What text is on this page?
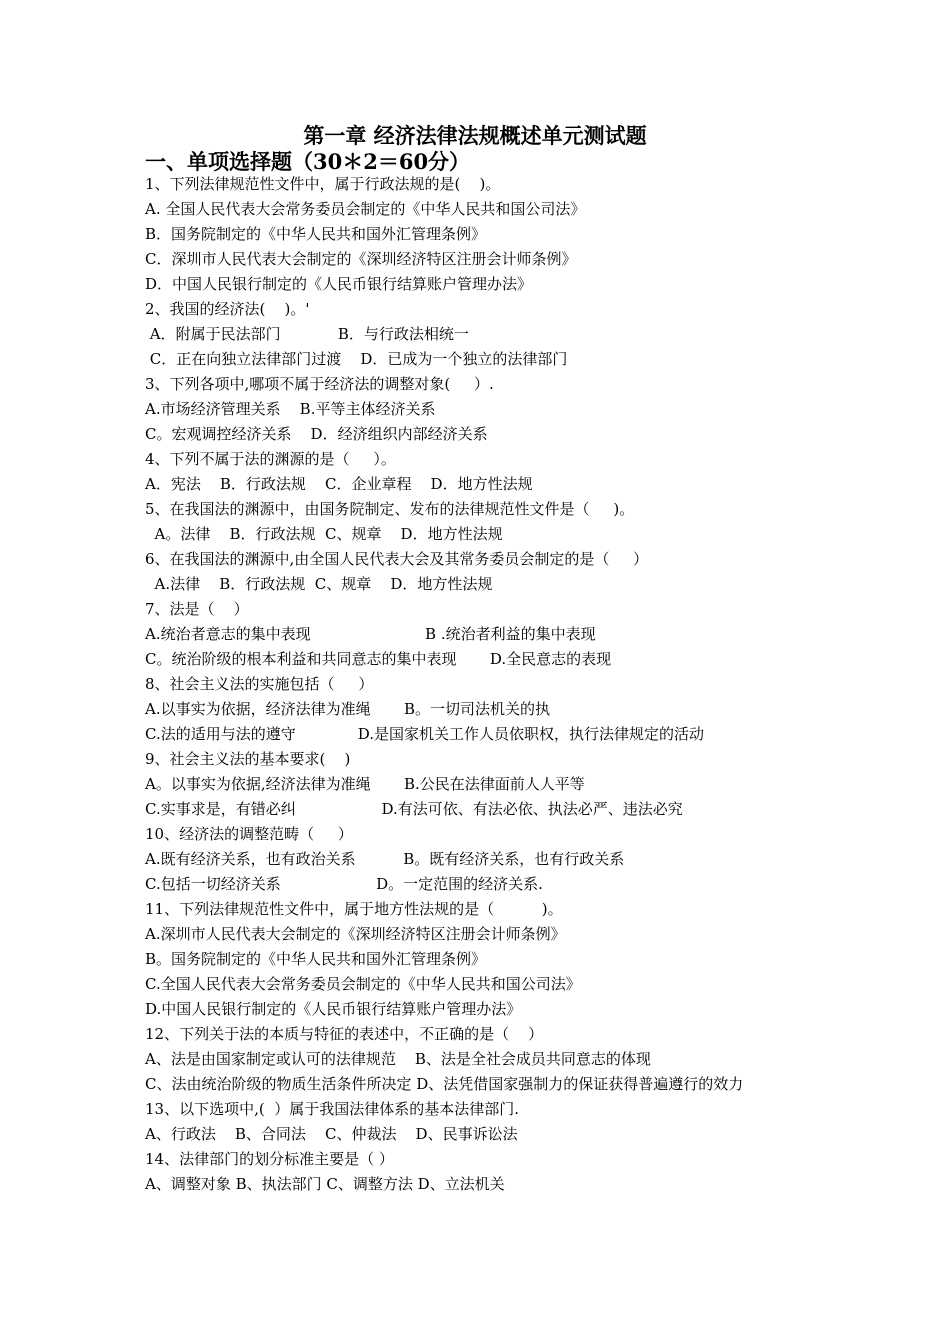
第一章 经济法律法规概述单元测试题
一、单项选择题（30＊2＝60分）
1、下列法律规范性文件中，属于行政法规的是(    )。
A. 全国人民代表大会常务委员会制定的《中华人民共和国公司法》
B．国务院制定的《中华人民共和国外汇管理条例》
C．深圳市人民代表大会制定的《深圳经济特区注册会计师条例》
D．中国人民银行制定的《人民币银行结算账户管理办法》
2、我国的经济法(    )。'
A．附属于民法部门            B．与行政法相统一
C．正在向独立法律部门过渡    D．已成为一个独立的法律部门
3、下列各项中,哪项不属于经济法的调整对象(     ）.
A.市场经济管理关系    B.平等主体经济关系
C。宏观调控经济关系    D．经济组织内部经济关系
4、下列不属于法的渊源的是（     ）。
A．宪法    B．行政法规    C．企业章程    D．地方性法规
5、在我国法的渊源中，由国务院制定、发布的法律规范性文件是（     )。
A。法律    B．行政法规  C、规章    D．地方性法规
6、在我国法的渊源中,由全国人民代表大会及其常务委员会制定的是（     ）
A.法律    B．行政法规  C、规章    D．地方性法规
7、法是（    ）
A.统治者意志的集中表现                        B .统治者利益的集中表现
C。统治阶级的根本利益和共同意志的集中表现       D.全民意志的表现
8、社会主义法的实施包括（     ）
A.以事实为依据，经济法律为准绳       B。一切司法机关的执
C.法的适用与法的遵守             D.是国家机关工作人员依职权，执行法律规定的活动
9、社会主义法的基本要求(    )
A。以事实为依据,经济法律为准绳       B.公民在法律面前人人平等
C.实事求是，有错必纠                  D.有法可依、有法必依、执法必严、违法必究
10、经济法的调整范畴（     ）
A.既有经济关系，也有政治关系          B。既有经济关系，也有行政关系
C.包括一切经济关系                    D。一定范围的经济关系.
11、下列法律规范性文件中，属于地方性法规的是（          )。
A.深圳市人民代表大会制定的《深圳经济特区注册会计师条例》
B。国务院制定的《中华人民共和国外汇管理条例》
C.全国人民代表大会常务委员会制定的《中华人民共和国公司法》
D.中国人民银行制定的《人民币银行结算账户管理办法》
12、下列关于法的本质与特征的表述中，不正确的是（    ）
A、法是由国家制定或认可的法律规范    B、法是全社会成员共同意志的体现
C、法由统治阶级的物质生活条件所决定 D、法凭借国家强制力的保证获得普遍遵行的效力
13、以下选项中,(  ）属于我国法律体系的基本法律部门.
A、行政法    B、合同法    C、仲裁法    D、民事诉讼法
14、法律部门的划分标准主要是（ ）
A、调整对象 B、执法部门 C、调整方法 D、立法机关
